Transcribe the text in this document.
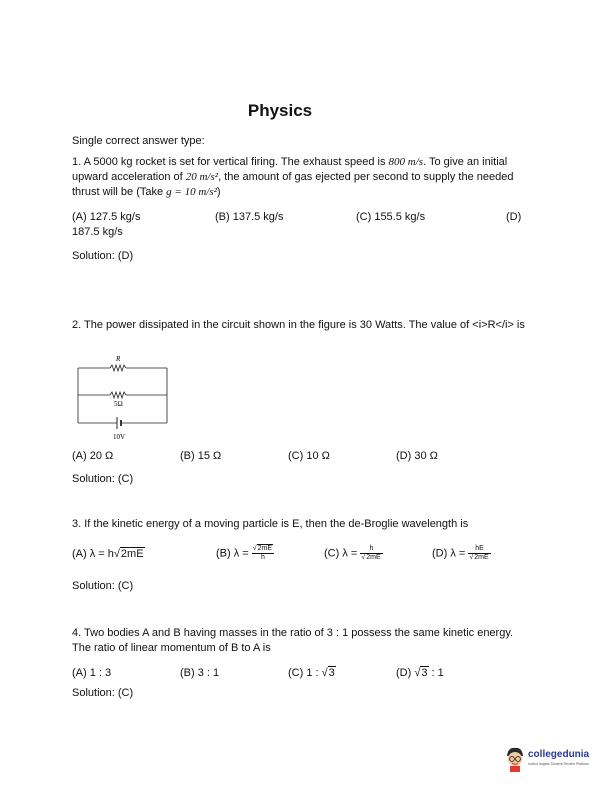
Physics
Single correct answer type:
1. A 5000 kg rocket is set for vertical firing. The exhaust speed is 800 m/s. To give an initial upward acceleration of 20 m/s², the amount of gas ejected per second to supply the needed thrust will be (Take g = 10 m/s²)
(A) 127.5 kg/s	(B) 137.5 kg/s	(C) 155.5 kg/s	(D)
187.5 kg/s
Solution: (D)
2. The power dissipated in the circuit shown in the figure is 30 Watts. The value of <i>R</i> is
R
5Ω
10V
(A) 20 Ω	(B) 15 Ω	(C) 10 Ω	(D) 30 Ω
Solution: (C)
3. If the kinetic energy of a moving particle is E, then the de-Broglie wavelength is
(A) λ = h√2mE	(B) $\lambda = \frac{√2mE}{h}$	(C) $\lambda = \frac{h}{√2mE}$	(D) $\lambda = \frac{hE}{√2mE}$
Solution: (C)
4. Two bodies A and B having masses in the ratio of 3 : 1 possess the same kinetic energy. The ratio of linear momentum of B to A is
(A) 1 : 3	(B) 3 : 1	(C) 1 : √3	(D) √3 : 1
Solution: (C)
collegedunia
India's largest Student Review Platform
